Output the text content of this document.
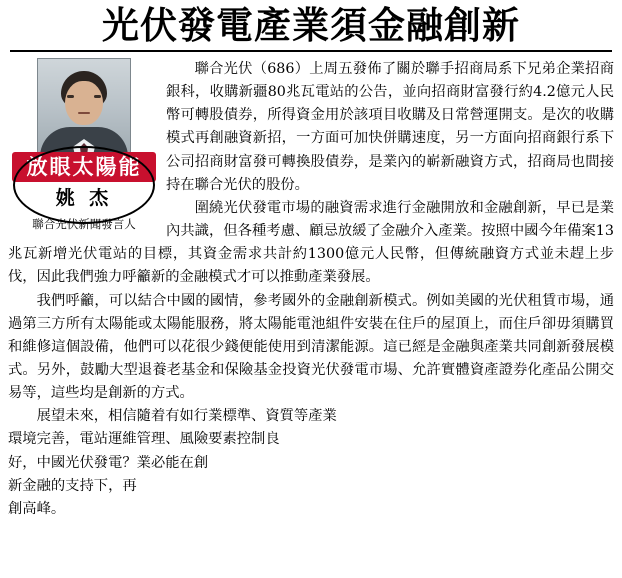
光伏發電產業須金融創新
放眼太陽能
姚 杰
聯合光伏新聞發言人

聯合光伏（686）上周五發佈了關於聯手招商局系下兄弟企業招商銀科，收購新疆80兆瓦電站的公告，並向招商財富發行約4.2億元人民幣可轉股債券，所得資金用於該項目收購及日常營運開支。是次的收購模式再創融資新招，一方面可加快併購速度，另一方面向招商銀行系下公司招商財富發可轉換股債券，是業內的嶄新融資方式，招商局也間接持在聯合光伏的股份。

圍繞光伏發電市場的融資需求進行金融開放和金融創新，早已是業內共識，但各種考慮、顧忌放緩了金融介入產業。按照中國今年備案13兆瓦新增光伏電站的目標，其資金需求共計約1300億元人民幣，但傳統融資方式並未趕上步伐，因此我們強力呼籲新的金融模式才可以推動產業發展。

我們呼籲，可以結合中國的國情，參考國外的金融創新模式。例如美國的光伏租賃市場，通過第三方所有太陽能或太陽能服務，將太陽能電池組件安裝在住戶的屋頂上，而住戶卻毋須購買和維修這個設備，他們可以花很少錢便能使用到清潔能源。這已經是金融與產業共同創新發展模式。另外，鼓勵大型退養老基金和保險基金投資光伏發電市場、允許實體資產證券化產品公開交易等，這些均是創新的方式。

展望未來，相信隨着有如行業標準、資質等產業

環境完善，電站運維管理、風險要素控制良

好，中國光伏發電？業必能在創

新金融的支持下，再

創高峰。
